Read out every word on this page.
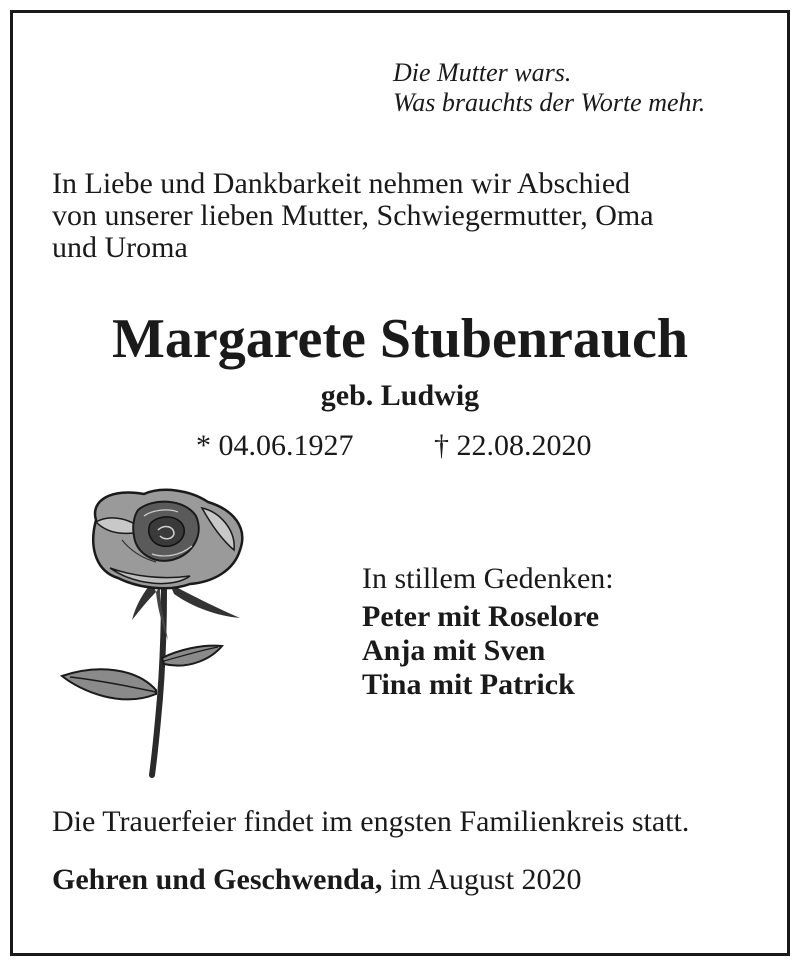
Die Mutter wars.
Was brauchts der Worte mehr.
In Liebe und Dankbarkeit nehmen wir Abschied
von unserer lieben Mutter, Schwiegermutter, Oma
und Uroma
Margarete Stubenrauch
geb. Ludwig
* 04.06.1927	† 22.08.2020
In stillem Gedenken:
Peter mit Roselore
Anja mit Sven
Tina mit Patrick
Die Trauerfeier findet im engsten Familienkreis statt.
Gehren und Geschwenda, im August 2020
